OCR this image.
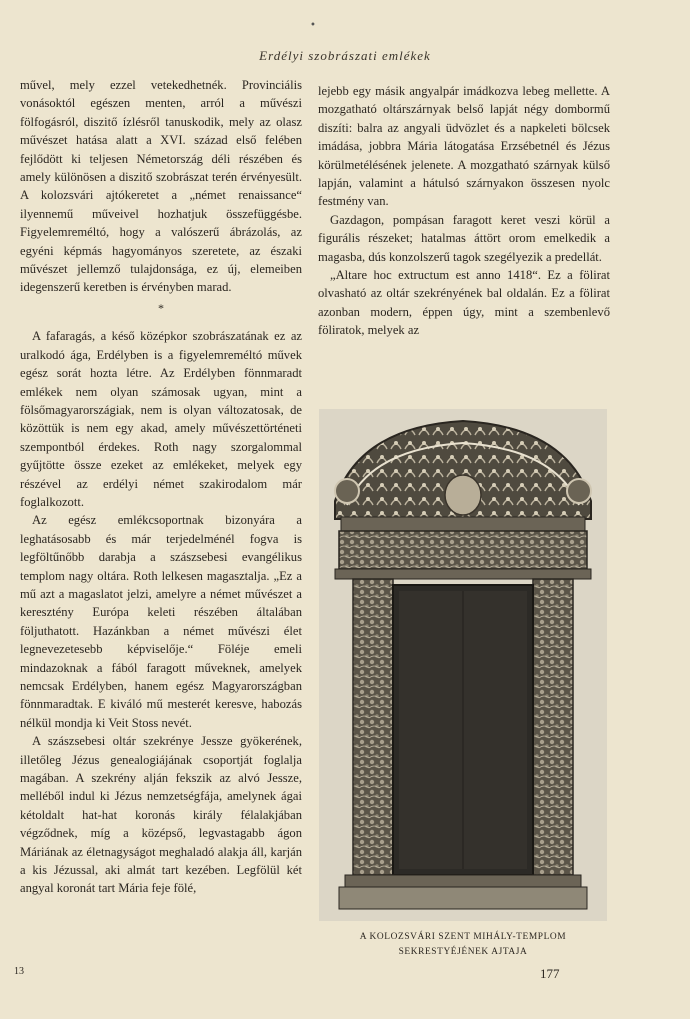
•
Erdélyi szobrászati emlékek

művel, mely ezzel vetekedhetnék. Provinciális vonásoktól egészen menten, arról a művészi fölfogásról, diszitő ízlésről tanuskodik, mely az olasz művészet hatása alatt a XVI. század első felében fejlődött ki teljesen Németország déli részében és amely különösen a diszitő szobrászat terén érvényesült. A kolozsvári ajtókeretet a „német renaissance“ ilyennemű műveivel hozhatjuk összefüggésbe. Figyelemreméltó, hogy a valószerű ábrázolás, az egyéni képmás hagyományos szeretete, az északi művészet jellemző tulajdonsága, ez új, elemeiben idegenszerű keretben is érvényben marad.

*

A fafaragás, a késő középkor szobrászatának ez az uralkodó ága, Erdélyben is a figyelemreméltó művek egész sorát hozta létre. Az Erdélyben fönnmaradt emlékek nem olyan számosak ugyan, mint a fölsőmagyarországiak, nem is olyan változatosak, de közöttük is nem egy akad, amely művészettörténeti szempontból érdekes. Roth nagy szorgalommal gyűjtötte össze ezeket az emlékeket, melyek egy részével az erdélyi német szakirodalom már foglalkozott.

Az egész emlékcsoportnak bizonyára a leghatásosabb és már terjedelménél fogva is legföltűnőbb darabja a szászsebesi evangélikus templom nagy oltára. Roth lelkesen magasztalja. „Ez a mű azt a magaslatot jelzi, amelyre a német művészet a keresztény Európa keleti részében általában följuthatott. Hazánkban a német művészi élet legnevezetesebb képviselője.“ Föléje emeli mindazoknak a fából faragott műveknek, amelyek nemcsak Erdélyben, hanem egész Magyarországban fönnmaradtak. E kiváló mű mesterét keresve, habozás nélkül mondja ki Veit Stoss nevét.

A szászsebesi oltár szekrénye Jessze gyökerének, illetőleg Jézus genealogiájának csoportját foglalja magában. A szekrény alján fekszik az alvó Jessze, melléből indul ki Jézus nemzetségfája, amelynek ágai kétoldalt hat-hat koronás király félalakjában végződnek, míg a középső, legvastagabb ágon Máriának az életnagyságot meghaladó alakja áll, karján a kis Jézussal, aki almát tart kezében. Legfölül két angyal koronát tart Mária feje fölé,

lejebb egy másik angyalpár imádkozva lebeg mellette. A mozgatható oltárszárnyak belső lapját négy dombormű diszíti: balra az angyali üdvözlet és a napkeleti bölcsek imádása, jobbra Mária látogatása Erzsébetnél és Jézus körülmetélésének jelenete. A mozgatható szárnyak külső lapján, valamint a hátulsó szárnyakon összesen nyolc festmény van.

Gazdagon, pompásan faragott keret veszi körül a figurális részeket; hatalmas áttört orom emelkedik a magasba, dús konzolszerű tagok szegélyezik a predellát.

„Altare hoc extructum est anno 1418“. Ez a fölirat olvasható az oltár szekrényének bal oldalán. Ez a fölirat azonban modern, éppen úgy, mint a szembenlevő föliratok, melyek az

A KOLOZSVÁRI SZENT MIHÁLY-TEMPLOM
SEKRESTYÉJÉNEK AJTAJA
13	177
